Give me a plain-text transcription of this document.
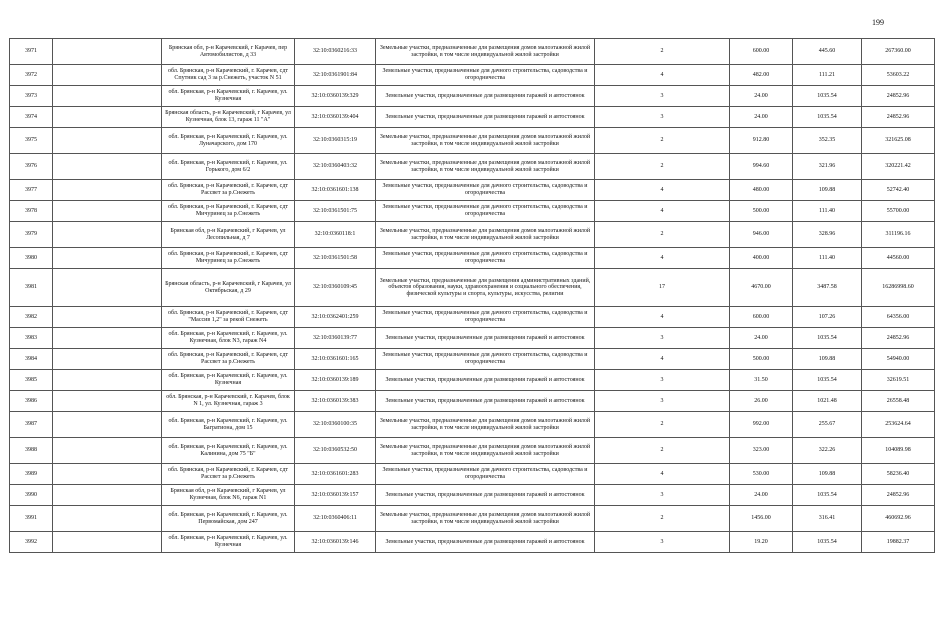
199
3971		Брянская обл, р-н Карачевский, г Карачев, пер Автомобилистов, д 33	32:10:0360216:33	Земельные участки, предназначенные для размещения домов малоэтажной жилой застройки, в том числе индивидуальной жилой застройки	2	600.00	445.60	267360.00
3972		обл. Брянская, р-н Карачевский, г. Карачев, сдт Спутник сад 3 за р.Снежеть, участок N 51	32:10:0361901:84	Земельные участки, предназначенные для дачного строительства, садоводства и огородничества	4	482.00	111.21	53603.22
3973		обл. Брянская, р-н Карачевский, г. Карачев, ул. Кузнечная	32:10:0360139:329	Земельные участки, предназначенные для размещения гаражей и автостоянок	3	24.00	1035.54	24852.96
3974		Брянская область, р-н Карачевский, г Карачев, ул Кузнечная, блок 13, гараж 11 "А"	32:10:0360139:404	Земельные участки, предназначенные для размещения гаражей и автостоянок	3	24.00	1035.54	24852.96
3975		обл. Брянская, р-н Карачевский, г. Карачев, ул. Луначарского, дом 170	32:10:0360315:19	Земельные участки, предназначенные для размещения домов малоэтажной жилой застройки, в том числе индивидуальной жилой застройки	2	912.80	352.35	321625.08
3976		обл. Брянская, р-н Карачевский, г. Карачев, ул. Горького, дом 6/2	32:10:0360403:32	Земельные участки, предназначенные для размещения домов малоэтажной жилой застройки, в том числе индивидуальной жилой застройки	2	994.60	321.96	320221.42
3977		обл. Брянская, р-н Карачевский, г. Карачев, сдт Рассвет за р.Снежеть	32:10:0361601:138	Земельные участки, предназначенные для дачного строительства, садоводства и огородничества	4	480.00	109.88	52742.40
3978		обл. Брянская, р-н Карачевский, г. Карачев, сдт Мичуринец за р.Снежеть	32:10:0361501:75	Земельные участки, предназначенные для дачного строительства, садоводства и огородничества	4	500.00	111.40	55700.00
3979		Брянская обл, р-н Карачевский, г Карачев, ул Лесопильная, д 7	32:10:0360118:1	Земельные участки, предназначенные для размещения домов малоэтажной жилой застройки, в том числе индивидуальной жилой застройки	2	946.00	328.96	311196.16
3980		обл. Брянская, р-н Карачевский, г. Карачев, сдт Мичуринец за р.Снежеть	32:10:0361501:58	Земельные участки, предназначенные для дачного строительства, садоводства и огородничества	4	400.00	111.40	44560.00
3981		Брянская область, р-н Карачевский, г Карачев, ул Октябрьская, д 29	32:10:0360109:45	Земельные участки, предназначенные для размещения административных зданий, объектов образования, науки, здравоохранения и социального обеспечения, физической культуры и спорта, культуры, искусства, религии	17	4670.00	3487.58	16286998.60
3982		обл. Брянская, р-н Карачевский, г. Карачев, сдт "Массив 1,2" за рекой Снежеть	32:10:0362401:259	Земельные участки, предназначенные для дачного строительства, садоводства и огородничества	4	600.00	107.26	64356.00
3983		обл. Брянская, р-н Карачевский, г. Карачев, ул. Кузнечная, блок N3, гараж N4	32:10:0360139:77	Земельные участки, предназначенные для размещения гаражей и автостоянок	3	24.00	1035.54	24852.96
3984		обл. Брянская, р-н Карачевский, г. Карачев, сдт Рассвет за р.Снежеть	32:10:0361601:165	Земельные участки, предназначенные для дачного строительства, садоводства и огородничества	4	500.00	109.88	54940.00
3985		обл. Брянская, р-н Карачевский, г. Карачев, ул. Кузнечная	32:10:0360139:189	Земельные участки, предназначенные для размещения гаражей и автостоянок	3	31.50	1035.54	32619.51
3986		обл. Брянская, р-н Карачевский, г. Карачев, блок N 1, ул. Кузнечная, гараж 3	32:10:0360139:383	Земельные участки, предназначенные для размещения гаражей и автостоянок	3	26.00	1021.48	26558.48
3987		обл. Брянская, р-н Карачевский, г. Карачев, ул. Багратиона, дом 15	32:10:0360100:35	Земельные участки, предназначенные для размещения домов малоэтажной жилой застройки, в том числе индивидуальной жилой застройки	2	992.00	255.67	253624.64
3988		обл. Брянская, р-н Карачевский, г. Карачев, ул. Калинина, дом 75 "Б"	32:10:0360532:50	Земельные участки, предназначенные для размещения домов малоэтажной жилой застройки, в том числе индивидуальной жилой застройки	2	323.00	322.26	104089.98
3989		обл. Брянская, р-н Карачевский, г. Карачев, сдт Рассвет за р.Снежеть	32:10:0361601:283	Земельные участки, предназначенные для дачного строительства, садоводства и огородничества	4	530.00	109.88	58236.40
3990		Брянская обл, р-н Карачевский, г Карачев, ул Кузнечная, блок N6, гараж N1	32:10:0360139:157	Земельные участки, предназначенные для размещения гаражей и автостоянок	3	24.00	1035.54	24852.96
3991		обл. Брянская, р-н Карачевский, г. Карачев, ул. Первомайская, дом 247	32:10:0360406:11	Земельные участки, предназначенные для размещения домов малоэтажной жилой застройки, в том числе индивидуальной жилой застройки	2	1456.00	316.41	460692.96
3992		обл. Брянская, р-н Карачевский, г. Карачев, ул. Кузнечная	32:10:0360139:146	Земельные участки, предназначенные для размещения гаражей и автостоянок	3	19.20	1035.54	19882.37
